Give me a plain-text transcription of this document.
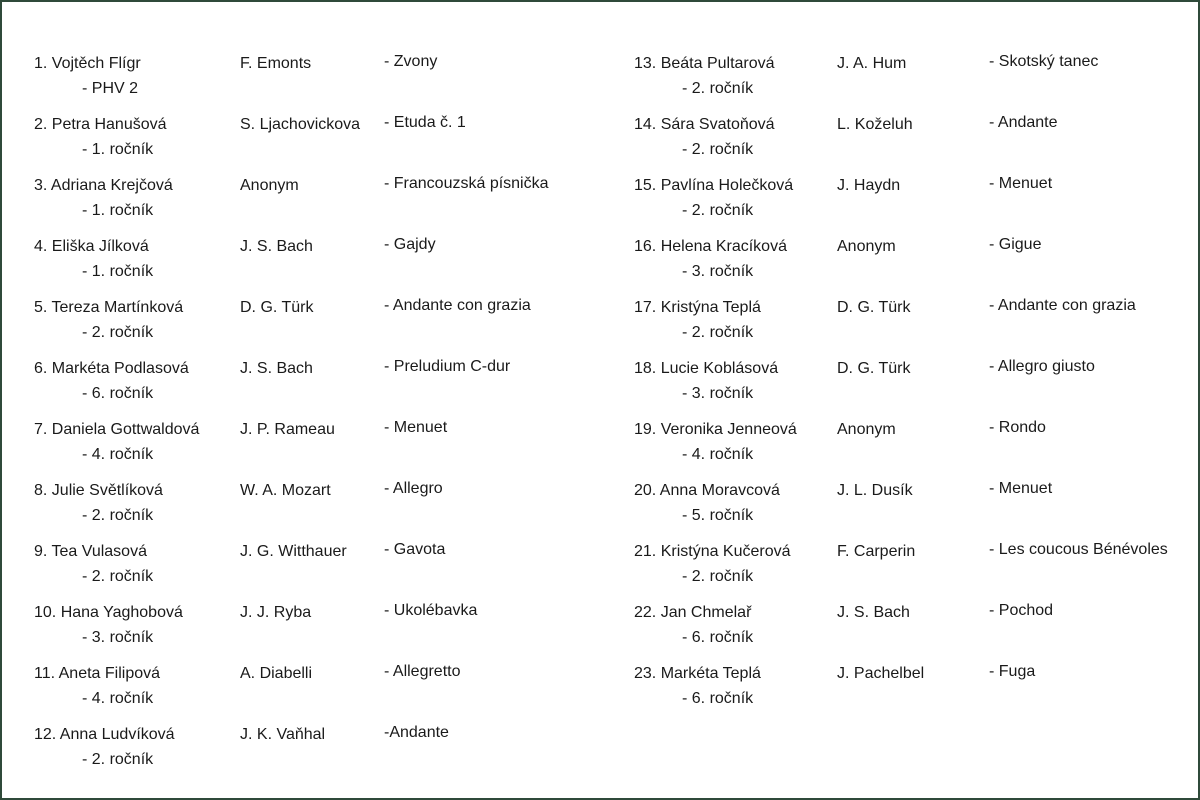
1. Vojtěch Flígr	F. Emonts	- Zvony
- PHV 2
2. Petra Hanušová	S. Ljachovickova - Etuda č. 1
- 1. ročník
3. Adriana Krejčová	Anonym	- Francouzská písnička
- 1. ročník
4. Eliška Jílková	J. S. Bach	- Gajdy
- 1. ročník
5. Tereza Martínková	D. G. Türk	- Andante con grazia
- 2. ročník
6. Markéta Podlasová	J. S. Bach	- Preludium C-dur
- 6. ročník
7. Daniela Gottwaldová	J. P. Rameau	- Menuet
- 4. ročník
8. Julie Světlíková	W. A. Mozart	- Allegro
- 2. ročník
9. Tea Vulasová	J. G. Witthauer - Gavota
- 2. ročník
10. Hana Yaghobová	J. J. Ryba	- Ukolébavka
- 3. ročník
11. Aneta Filipová	A. Diabelli	- Allegretto
- 4. ročník
12. Anna Ludvíková	J. K. Vaňhal	-Andante
- 2. ročník
13. Beáta Pultarová	J. A. Hum	- Skotský tanec
- 2. ročník
14. Sára Svatoňová	L. Koželuh	- Andante
- 2. ročník
15. Pavlína Holečková	J. Haydn	- Menuet
- 2. ročník
16. Helena Kracíková	Anonym	- Gigue
- 3. ročník
17. Kristýna Teplá	D. G. Türk	- Andante con grazia
- 2. ročník
18. Lucie Koblásová	D. G. Türk	- Allegro giusto
- 3. ročník
19. Veronika Jenneová	Anonym	- Rondo
- 4. ročník
20. Anna Moravcová	J. L. Dusík	- Menuet
- 5. ročník
21. Kristýna Kučerová	F. Carperin	- Les coucous Bénévoles
- 2. ročník
22. Jan Chmelař	J. S. Bach	- Pochod
- 6. ročník
23. Markéta Teplá	J. Pachelbel	- Fuga
- 6. ročník
